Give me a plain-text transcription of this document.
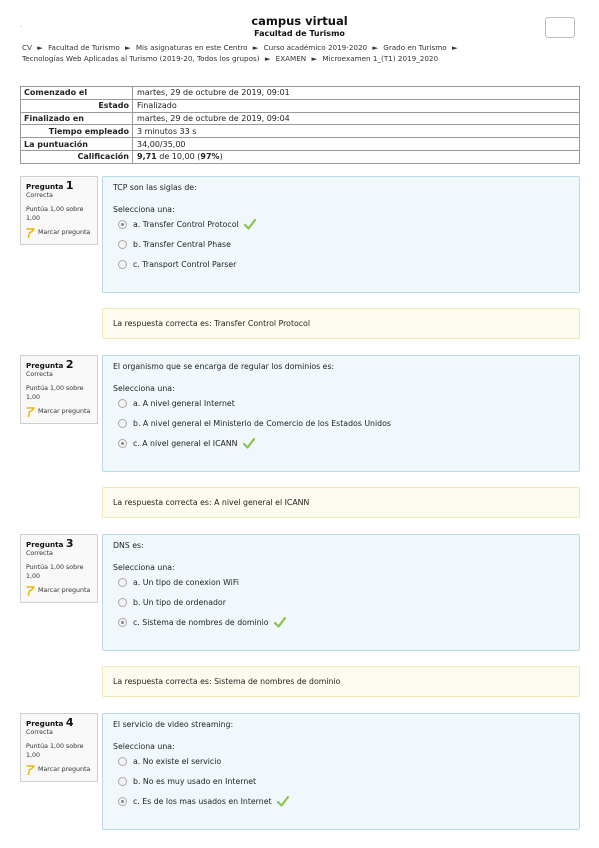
.	campus virtual
Facultad de Turismo
CV ► Facultad de Turismo ► Mis asignaturas en este Centro ► Curso académico 2019-2020 ► Grado en Turismo ► Tecnologías Web Aplicadas al Turismo (2019-20, Todos los grupos) ► EXAMEN ► Microexamen 1_(T1) 2019_2020
Comenzado el	martes, 29 de octubre de 2019, 09:01
Estado	Finalizado
Finalizado en	martes, 29 de octubre de 2019, 09:04
Tiempo empleado	3 minutos 33 s
La puntuación	34,00/35,00
Calificación	9,71 de 10,00 (97%)
Pregunta 1
Correcta
Puntúa 1,00 sobre 1,00
Marcar pregunta
TCP son las siglas de:
Selecciona una:
a. Transfer Control Protocol
b. Transfer Central Phase
c. Transport Control Parser
La respuesta correcta es: Transfer Control Protocol
Pregunta 2
Correcta
Puntúa 1,00 sobre 1,00
Marcar pregunta
El organismo que se encarga de regular los dominios es:
Selecciona una:
a. A nivel general Internet
b. A nivel general el Ministerio de Comercio de los Estados Unidos
c. A nivel general el ICANN
La respuesta correcta es: A nivel general el ICANN
Pregunta 3
Correcta
Puntúa 1,00 sobre 1,00
Marcar pregunta
DNS es:
Selecciona una:
a. Un tipo de conexion WiFi
b. Un tipo de ordenador
c. Sistema de nombres de dominio
La respuesta correcta es: Sistema de nombres de dominio
Pregunta 4
Correcta
Puntúa 1,00 sobre 1,00
Marcar pregunta
El servicio de video streaming:
Selecciona una:
a. No existe el servicio
b. No es muy usado en Internet
c. Es de los mas usados en Internet
